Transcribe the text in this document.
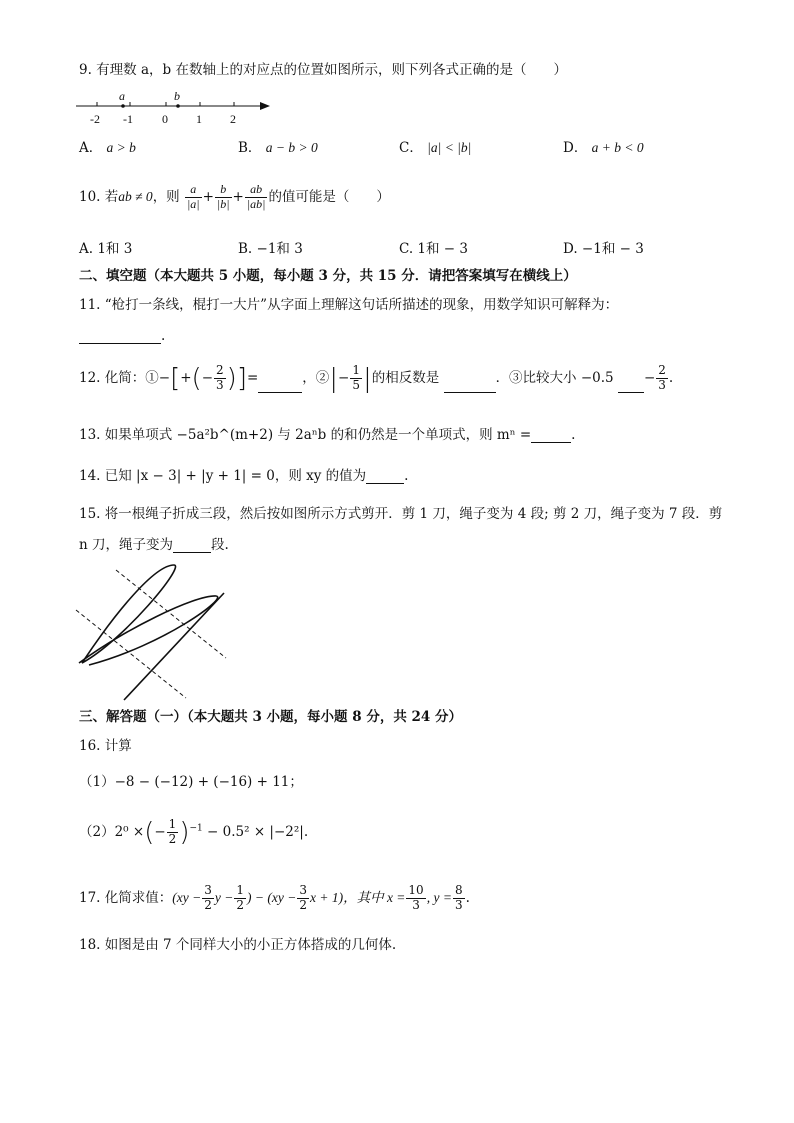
9. 有理数 a，b 在数轴上的对应点的位置如图所示，则下列各式正确的是（　　）
a	b
-2 -1 0 1 2
A． a > b	B． a − b > 0	C． |a| < |b|	D． a + b < 0
10. 若ab ≠ 0，则 $\frac{a}{|a|} + \frac{b}{|b|} + \frac{ab}{|ab|}$ 的值可能是（　　）
A. 1和 3	B. −1和 3	C. 1和 − 3	D. −1和 − 3
二、填空题（本大题共 5 小题，每小题 3 分，共 15 分．请把答案填写在横线上）
11. “枪打一条线，棍打一大片”从字面上理解这句话所描述的现象，用数学知识可解释为：
.
12. 化简：①−[+(− $\frac{2}{3}$ )]=	，②|− $\frac{1}{5}$ |的相反数是	．③比较大小 $-0.5 - \frac{2}{3}$ .
13. 如果单项式 −5a²b^(m+2) 与 2aⁿb 的和仍然是一个单项式，则 mⁿ =	.
14. 已知 |x − 3| + |y + 1| = 0，则 xy 的值为	.
15. 将一根绳子折成三段，然后按如图所示方式剪开．剪 1 刀，绳子变为 4 段; 剪 2 刀，绳子变为 7 段．剪
n 刀，绳子变为	段.
三、解答题（一）（本大题共 3 小题，每小题 8 分，共 24 分）
16. 计算
（1）−8 − (−12) + (−16) + 11；
（2）2⁰ ×(− $\frac{1}{2} )^{-1} - 0.5^2 \times |-2^2|$.
17. 化简求值：($xy - \frac{3}{2}$ $y - \frac{1}{2}$ ) − ($xy - \frac{3}{2}$ x + 1)，其中 $x = \frac{10}{3}$ , $y = \frac{8}{3}$ .
18. 如图是由 7 个同样大小的小正方体搭成的几何体.
